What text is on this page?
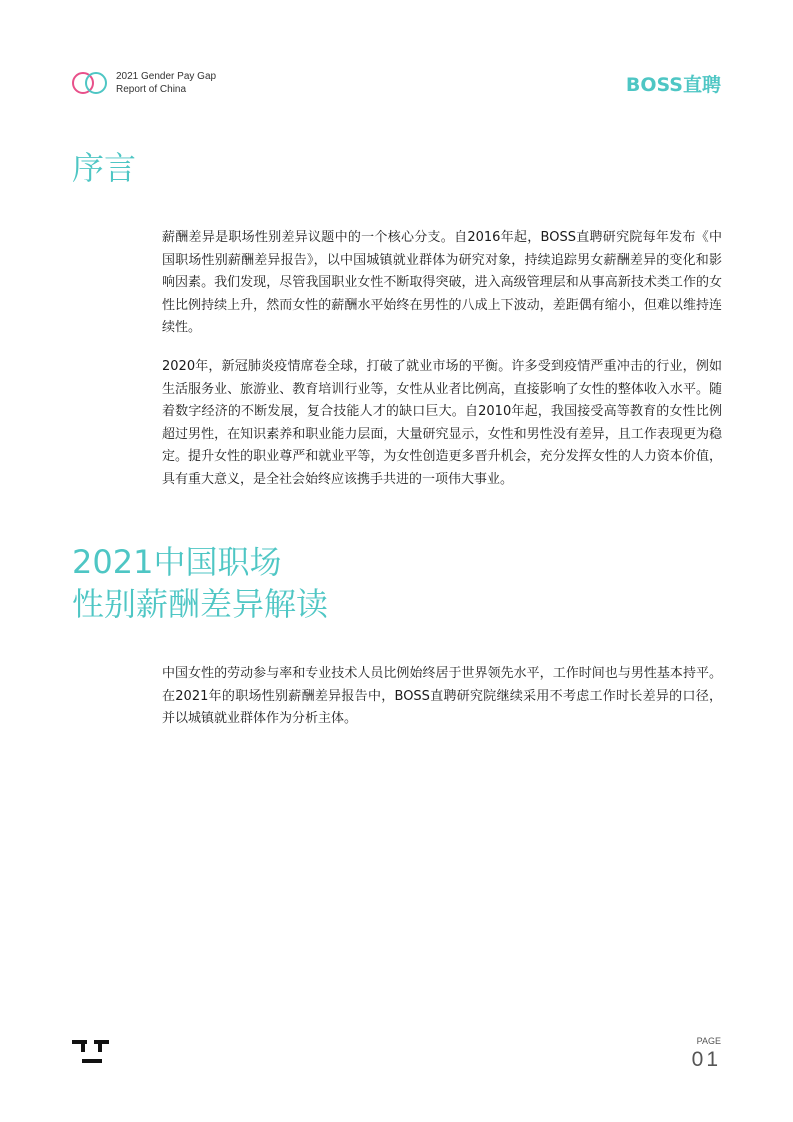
2021 Gender Pay Gap
Report of China	BOSS直聘
序言

薪酬差异是职场性别差异议题中的一个核心分支。自2016年起，BOSS直聘研究院每年发布《中国职场性别薪酬差异报告》，以中国城镇就业群体为研究对象，持续追踪男女薪酬差异的变化和影响因素。我们发现，尽管我国职业女性不断取得突破，进入高级管理层和从事高新技术类工作的女性比例持续上升，然而女性的薪酬水平始终在男性的八成上下波动，差距偶有缩小，但难以维持连续性。

2020年，新冠肺炎疫情席卷全球，打破了就业市场的平衡。许多受到疫情严重冲击的行业，例如生活服务业、旅游业、教育培训行业等，女性从业者比例高，直接影响了女性的整体收入水平。随着数字经济的不断发展，复合技能人才的缺口巨大。自2010年起，我国接受高等教育的女性比例超过男性，在知识素养和职业能力层面，大量研究显示，女性和男性没有差异，且工作表现更为稳定。提升女性的职业尊严和就业平等，为女性创造更多晋升机会，充分发挥女性的人力资本价值，具有重大意义，是全社会始终应该携手共进的一项伟大事业。

2021中国职场
性别薪酬差异解读

中国女性的劳动参与率和专业技术人员比例始终居于世界领先水平，工作时间也与男性基本持平。在2021年的职场性别薪酬差异报告中，BOSS直聘研究院继续采用不考虑工作时长差异的口径，并以城镇就业群体作为分析主体。

PAGE
01
